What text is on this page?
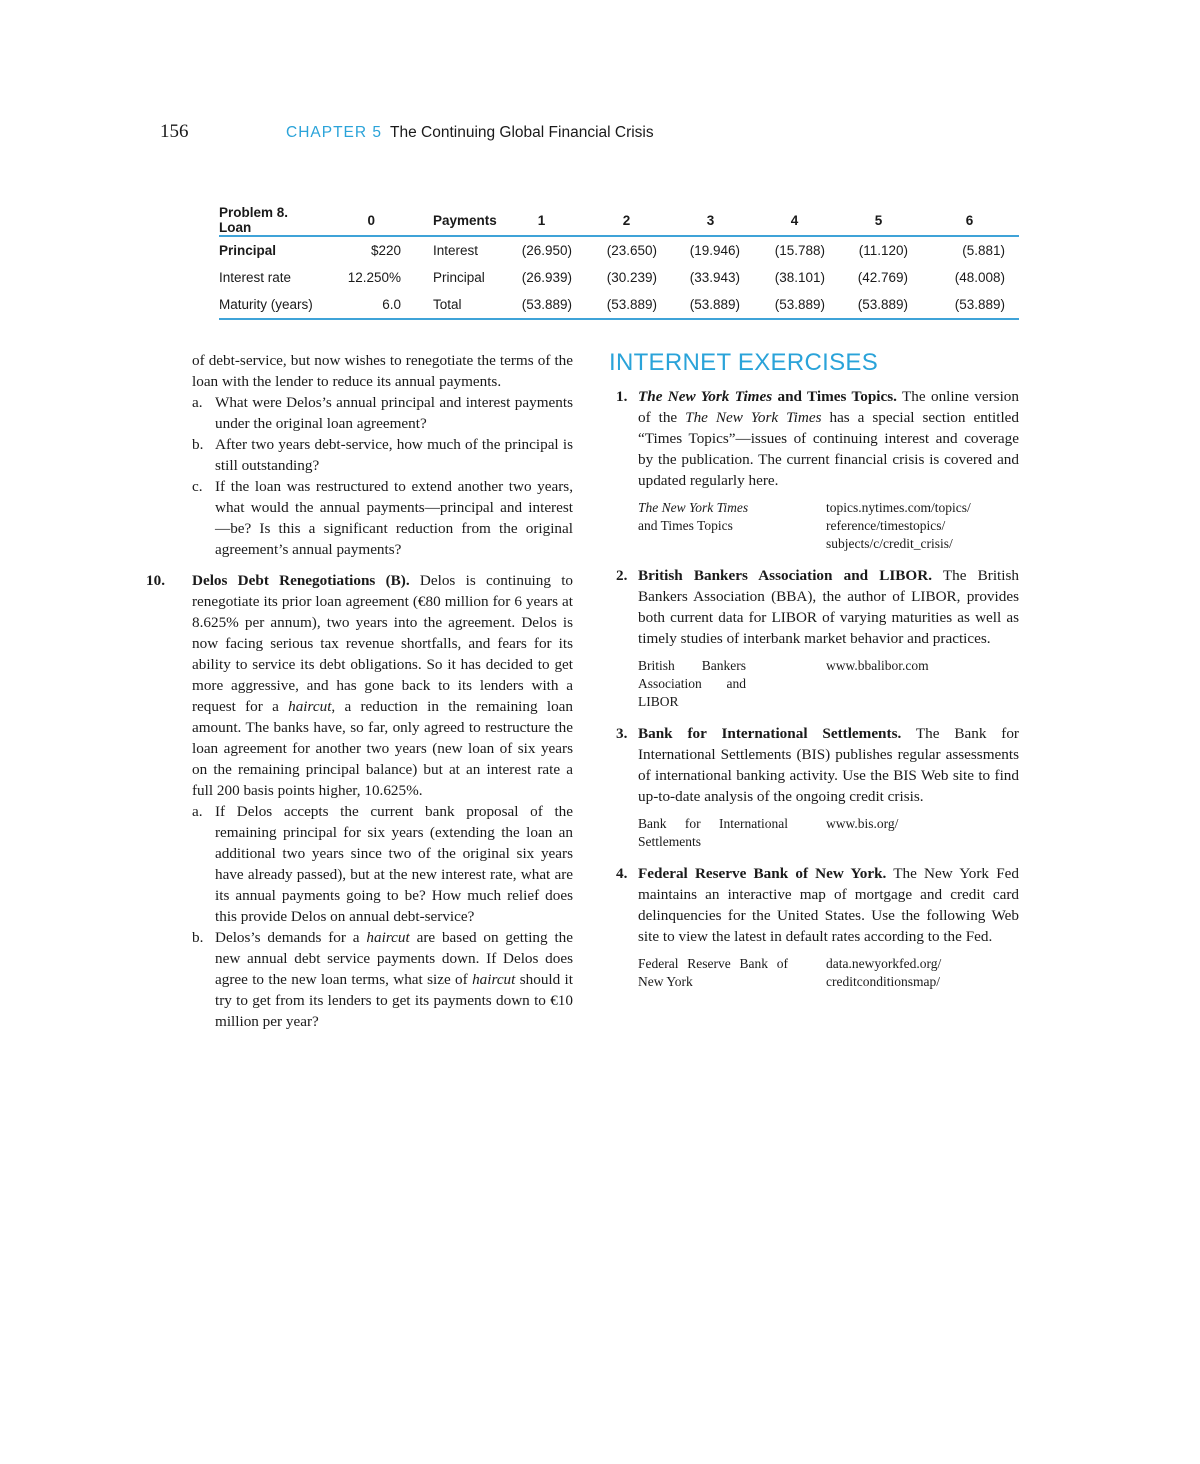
156	CHAPTER 5 The Continuing Global Financial Crisis
Problem 8. Loan	0	Payments	1	2	3	4	5	6
Principal	$220	Interest	(26.950)	(23.650)	(19.946)	(15.788)	(11.120)	(5.881)
Interest rate	12.250%	Principal	(26.939)	(30.239)	(33.943)	(38.101)	(42.769)	(48.008)
Maturity (years)	6.0	Total	(53.889)	(53.889)	(53.889)	(53.889)	(53.889)	(53.889)

of debt-service, but now wishes to renegotiate the terms of the loan with the lender to reduce its annual payments.

a. What were Delos’s annual principal and interest payments under the original loan agreement?

b. After two years debt-service, how much of the principal is still outstanding?

c. If the loan was restructured to extend another two years, what would the annual payments—principal and interest—be? Is this a significant reduction from the original agreement’s annual payments?

10. Delos Debt Renegotiations (B). Delos is continuing to renegotiate its prior loan agreement (€80 million for 6 years at 8.625% per annum), two years into the agreement. Delos is now facing serious tax revenue shortfalls, and fears for its ability to service its debt obligations. So it has decided to get more aggressive, and has gone back to its lenders with a request for a haircut, a reduction in the remaining loan amount. The banks have, so far, only agreed to restructure the loan agreement for another two years (new loan of six years on the remaining principal balance) but at an interest rate a full 200 basis points higher, 10.625%.

a. If Delos accepts the current bank proposal of the remaining principal for six years (extending the loan an additional two years since two of the original six years have already passed), but at the new interest rate, what are its annual payments going to be? How much relief does this provide Delos on annual debt-service?

b. Delos’s demands for a haircut are based on getting the new annual debt service payments down. If Delos does agree to the new loan terms, what size of haircut should it try to get from its lenders to get its payments down to €10 million per year?

INTERNET EXERCISES

1. The New York Times and Times Topics. The online version of the The New York Times has a special section entitled “Times Topics”—issues of continuing interest and coverage by the publication. The current financial crisis is covered and updated regularly here.

The New York Times
and Times Topics
topics.nytimes.com/topics/ reference/timestopics/ subjects/c/credit_crisis/

2. British Bankers Association and LIBOR. The British Bankers Association (BBA), the author of LIBOR, provides both current data for LIBOR of varying maturities as well as timely studies of interbank market behavior and practices.

British Bankers Association and LIBOR
www.bbalibor.com

3. Bank for International Settlements. The Bank for International Settlements (BIS) publishes regular assessments of international banking activity. Use the BIS Web site to find up-to-date analysis of the ongoing credit crisis.

Bank for International Settlements
www.bis.org/

4. Federal Reserve Bank of New York. The New York Fed maintains an interactive map of mortgage and credit card delinquencies for the United States. Use the following Web site to view the latest in default rates according to the Fed.

Federal Reserve Bank of New York
data.newyorkfed.org/ creditconditionsmap/
